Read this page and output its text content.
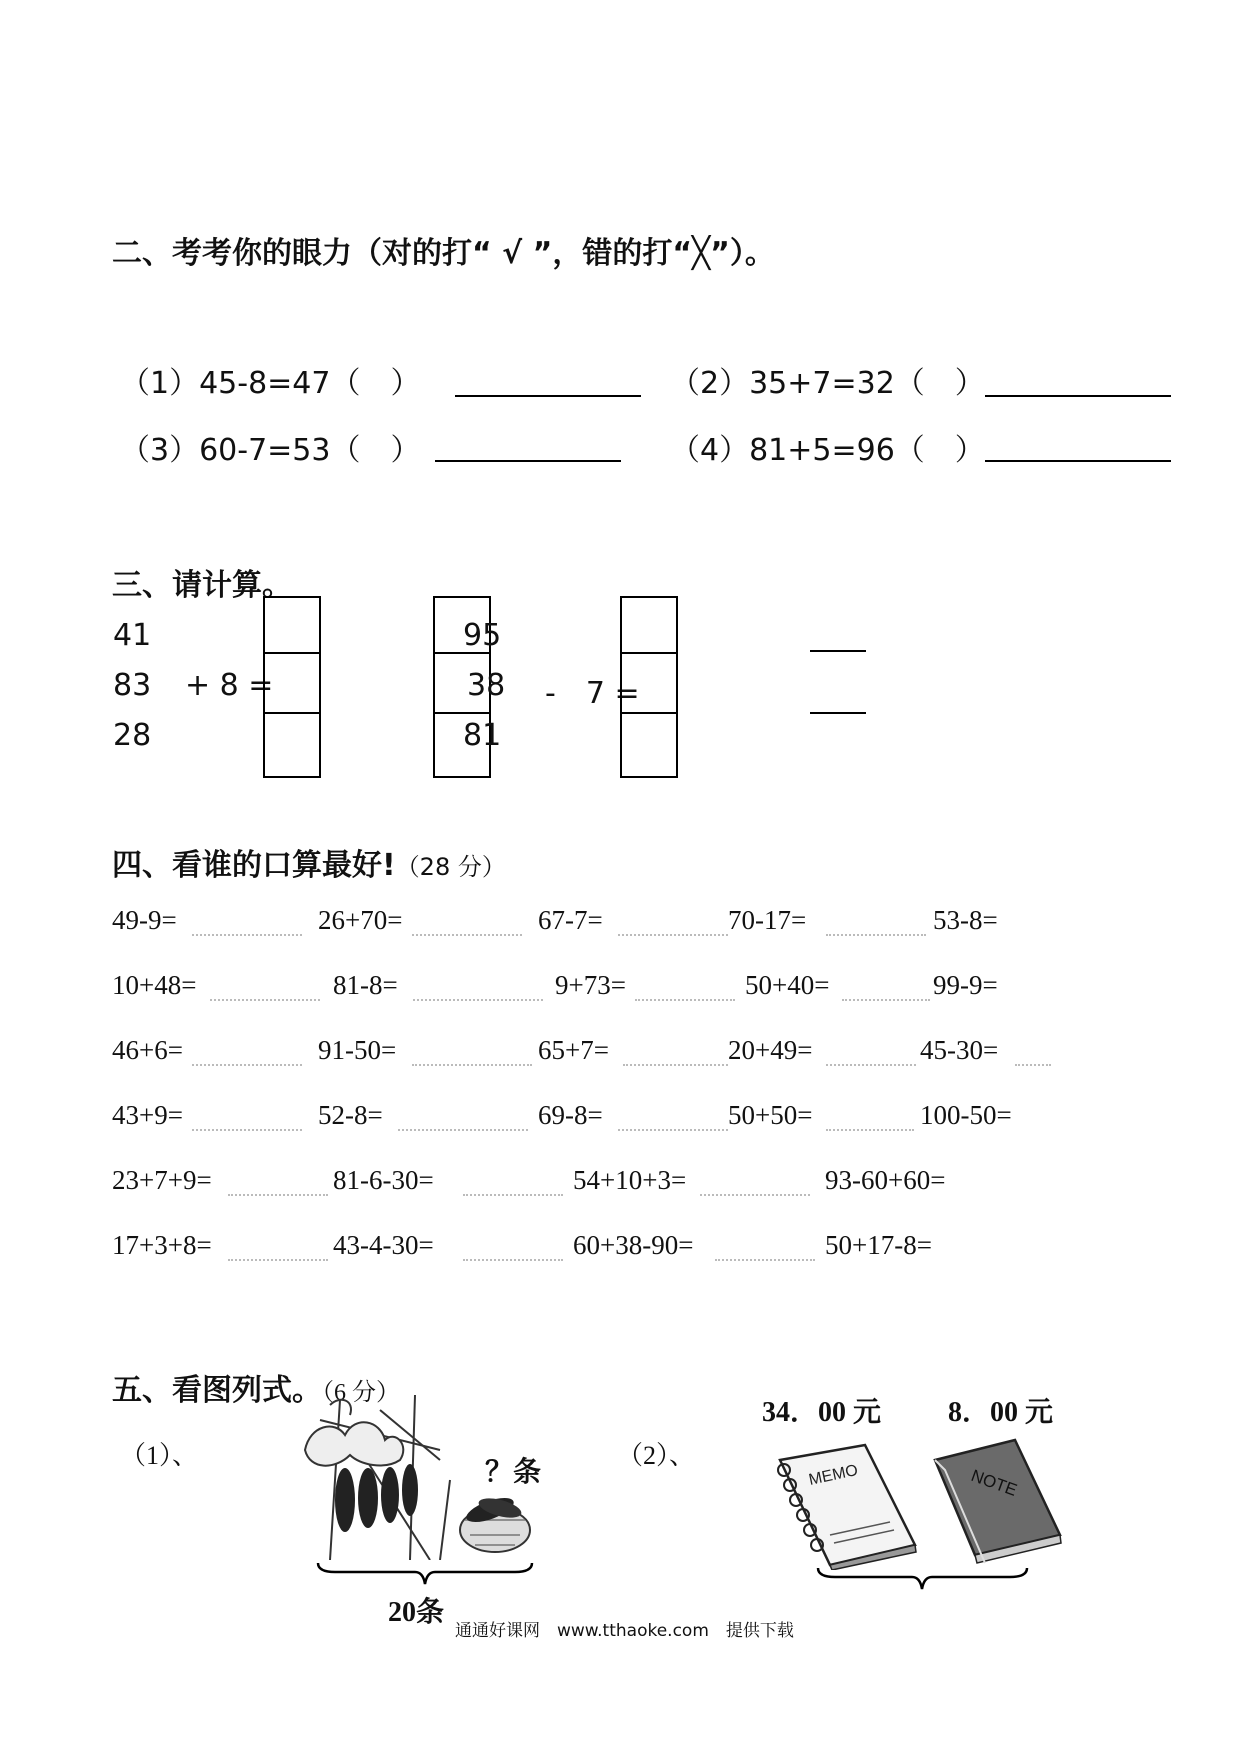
二、考考你的眼力（对的打“ √ ”，错的打“╳”）。
（1）45-8=47（　）	（2）35+7=32（　）
（3）60-7=53（　）	（4）81+5=96（　）
三、请计算。
41
83
28
+ 8 =
95
38
81
-　7 =
四、看谁的口算最好!（28 分）
49-9=	26+70=	67-7=	70-17=	53-8=
10+48=	81-8=	9+73=	50+40=	99-9=
46+6=	91-50=	65+7=	20+49=	45-30=
43+9=	52-8=	69-8=	50+50=	100-50=
23+7+9=	81-6-30=	54+10+3=	93-60+60=
17+3+8=	43-4-30=	60+38-90=	50+17-8=
五、看图列式。（6 分）
（1）、
？条
20条
（2）、
34．00 元 8．00 元
MEMO	NOTE
通通好课网　www.tthaoke.com　提供下载
